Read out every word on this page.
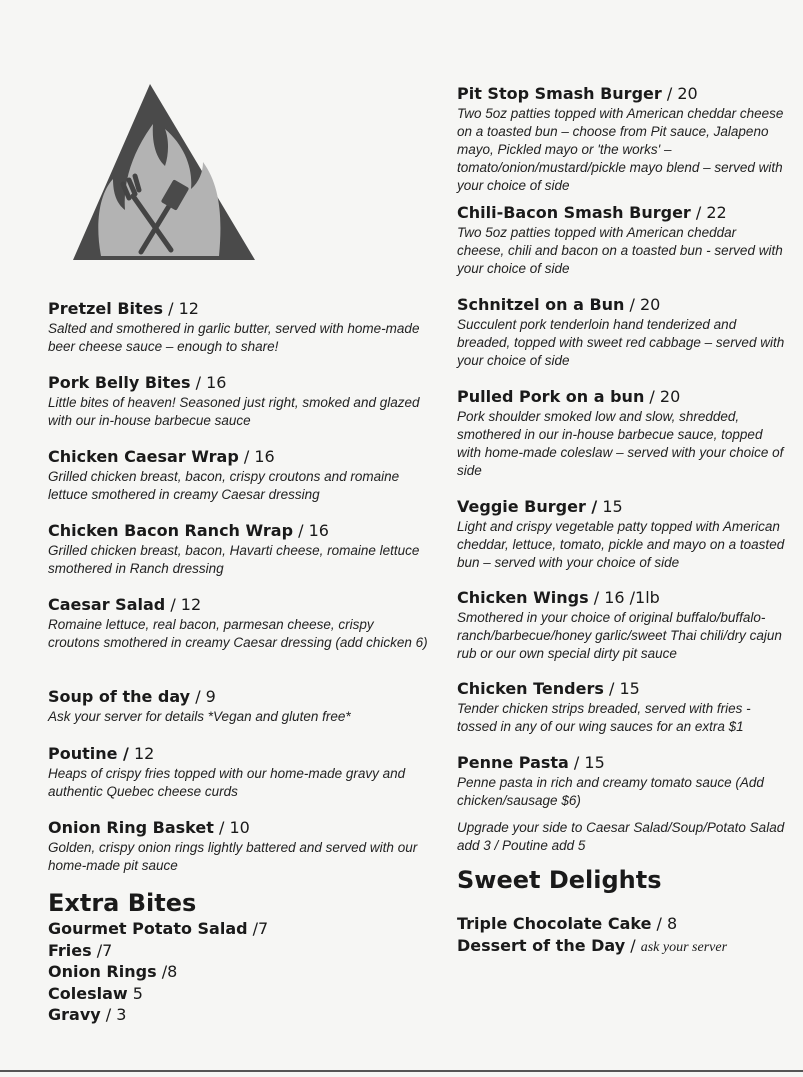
Pretzel Bites / 12
Salted and smothered in garlic butter, served with home-made beer cheese sauce – enough to share!
Pork Belly Bites / 16
Little bites of heaven! Seasoned just right, smoked and glazed with our in-house barbecue sauce
Chicken Caesar Wrap / 16
Grilled chicken breast, bacon, crispy croutons and romaine lettuce smothered in creamy Caesar dressing
Chicken Bacon Ranch Wrap / 16
Grilled chicken breast, bacon, Havarti cheese, romaine lettuce smothered in Ranch dressing
Caesar Salad / 12
Romaine lettuce, real bacon, parmesan cheese, crispy croutons smothered in creamy Caesar dressing (add chicken 6)
Soup of the day / 9
Ask your server for details *Vegan and gluten free*
Poutine / 12
Heaps of crispy fries topped with our home-made gravy and authentic Quebec cheese curds
Onion Ring Basket / 10
Golden, crispy onion rings lightly battered and served with our home-made pit sauce
Extra Bites
Gourmet Potato Salad /7
Fries /7
Onion Rings /8
Coleslaw 5
Gravy / 3
Pit Stop Smash Burger / 20
Two 5oz patties topped with American cheddar cheese on a toasted bun – choose from Pit sauce, Jalapeno mayo, Pickled mayo or 'the works' – tomato/onion/mustard/pickle mayo blend – served with your choice of side
Chili-Bacon Smash Burger / 22
Two 5oz patties topped with American cheddar cheese, chili and bacon on a toasted bun - served with your choice of side
Schnitzel on a Bun / 20
Succulent pork tenderloin hand tenderized and breaded, topped with sweet red cabbage – served with your choice of side
Pulled Pork on a bun / 20
Pork shoulder smoked low and slow, shredded, smothered in our in-house barbecue sauce, topped with home-made coleslaw – served with your choice of side
Veggie Burger / 15
Light and crispy vegetable patty topped with American cheddar, lettuce, tomato, pickle and mayo on a toasted bun – served with your choice of side
Chicken Wings / 16 /1lb
Smothered in your choice of original buffalo/buffalo-ranch/barbecue/honey garlic/sweet Thai chili/dry cajun rub or our own special dirty pit sauce
Chicken Tenders / 15
Tender chicken strips breaded, served with fries - tossed in any of our wing sauces for an extra $1
Penne Pasta / 15
Penne pasta in rich and creamy tomato sauce (Add chicken/sausage $6)
Upgrade your side to Caesar Salad/Soup/Potato Salad add 3 / Poutine add 5
Sweet Delights
Triple Chocolate Cake / 8
Dessert of the Day / ask your server
